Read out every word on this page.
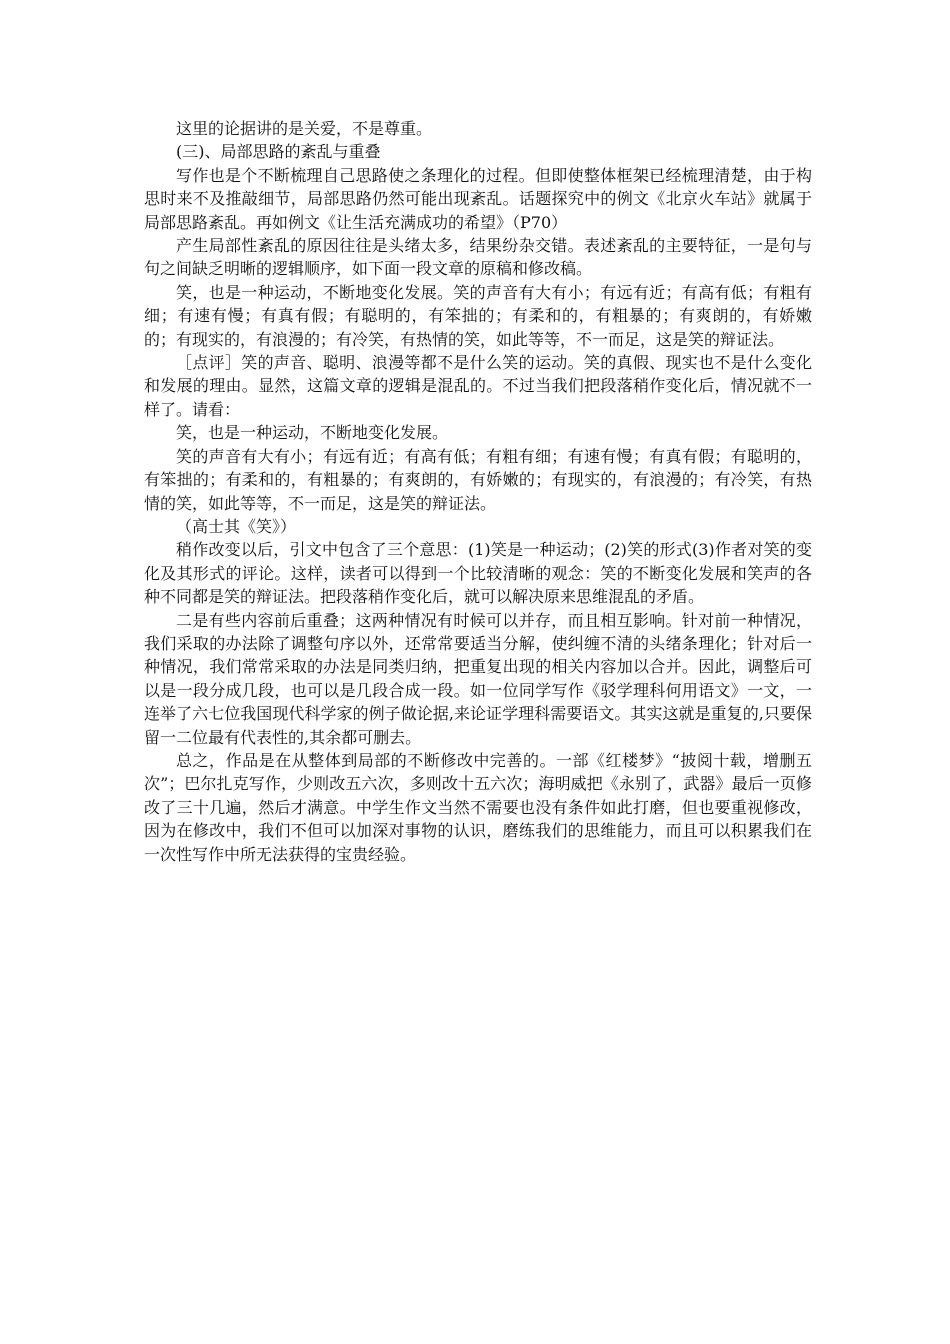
这里的论据讲的是关爱，不是尊重。

(三)、局部思路的紊乱与重叠

写作也是个不断梳理自己思路使之条理化的过程。但即使整体框架已经梳理清楚，由于构思时来不及推敲细节，局部思路仍然可能出现紊乱。话题探究中的例文《北京火车站》就属于局部思路紊乱。再如例文《让生活充满成功的希望》（P70）

产生局部性紊乱的原因往往是头绪太多，结果纷杂交错。表述紊乱的主要特征，一是句与句之间缺乏明晰的逻辑顺序，如下面一段文章的原稿和修改稿。

笑，也是一种运动，不断地变化发展。笑的声音有大有小；有远有近；有高有低；有粗有细；有速有慢；有真有假；有聪明的，有笨拙的；有柔和的，有粗暴的；有爽朗的，有娇嫩的；有现实的，有浪漫的；有冷笑，有热情的笑，如此等等，不一而足，这是笑的辩证法。

［点评］笑的声音、聪明、浪漫等都不是什么笑的运动。笑的真假、现实也不是什么变化和发展的理由。显然，这篇文章的逻辑是混乱的。不过当我们把段落稍作变化后，情况就不一样了。请看：

笑，也是一种运动，不断地变化发展。

笑的声音有大有小；有远有近；有高有低；有粗有细；有速有慢；有真有假；有聪明的，有笨拙的；有柔和的，有粗暴的；有爽朗的，有娇嫩的；有现实的，有浪漫的；有冷笑，有热情的笑，如此等等，不一而足，这是笑的辩证法。

（高士其《笑》）

稍作改变以后，引文中包含了三个意思：(1)笑是一种运动；(2)笑的形式(3)作者对笑的变化及其形式的评论。这样，读者可以得到一个比较清晰的观念：笑的不断变化发展和笑声的各种不同都是笑的辩证法。把段落稍作变化后，就可以解决原来思维混乱的矛盾。

二是有些内容前后重叠；这两种情况有时候可以并存，而且相互影响。针对前一种情况，我们采取的办法除了调整句序以外，还常常要适当分解，使纠缠不清的头绪条理化；针对后一种情况，我们常常采取的办法是同类归纳，把重复出现的相关内容加以合并。因此，调整后可以是一段分成几段，也可以是几段合成一段。如一位同学写作《驳学理科何用语文》一文，一连举了六七位我国现代科学家的例子做论据,来论证学理科需要语文。其实这就是重复的,只要保留一二位最有代表性的,其余都可删去。

总之，作品是在从整体到局部的不断修改中完善的。一部《红楼梦》“披阅十载，增删五次”；巴尔扎克写作，少则改五六次，多则改十五六次；海明威把《永别了，武器》最后一页修改了三十几遍，然后才满意。中学生作文当然不需要也没有条件如此打磨，但也要重视修改，因为在修改中，我们不但可以加深对事物的认识，磨练我们的思维能力，而且可以积累我们在一次性写作中所无法获得的宝贵经验。
